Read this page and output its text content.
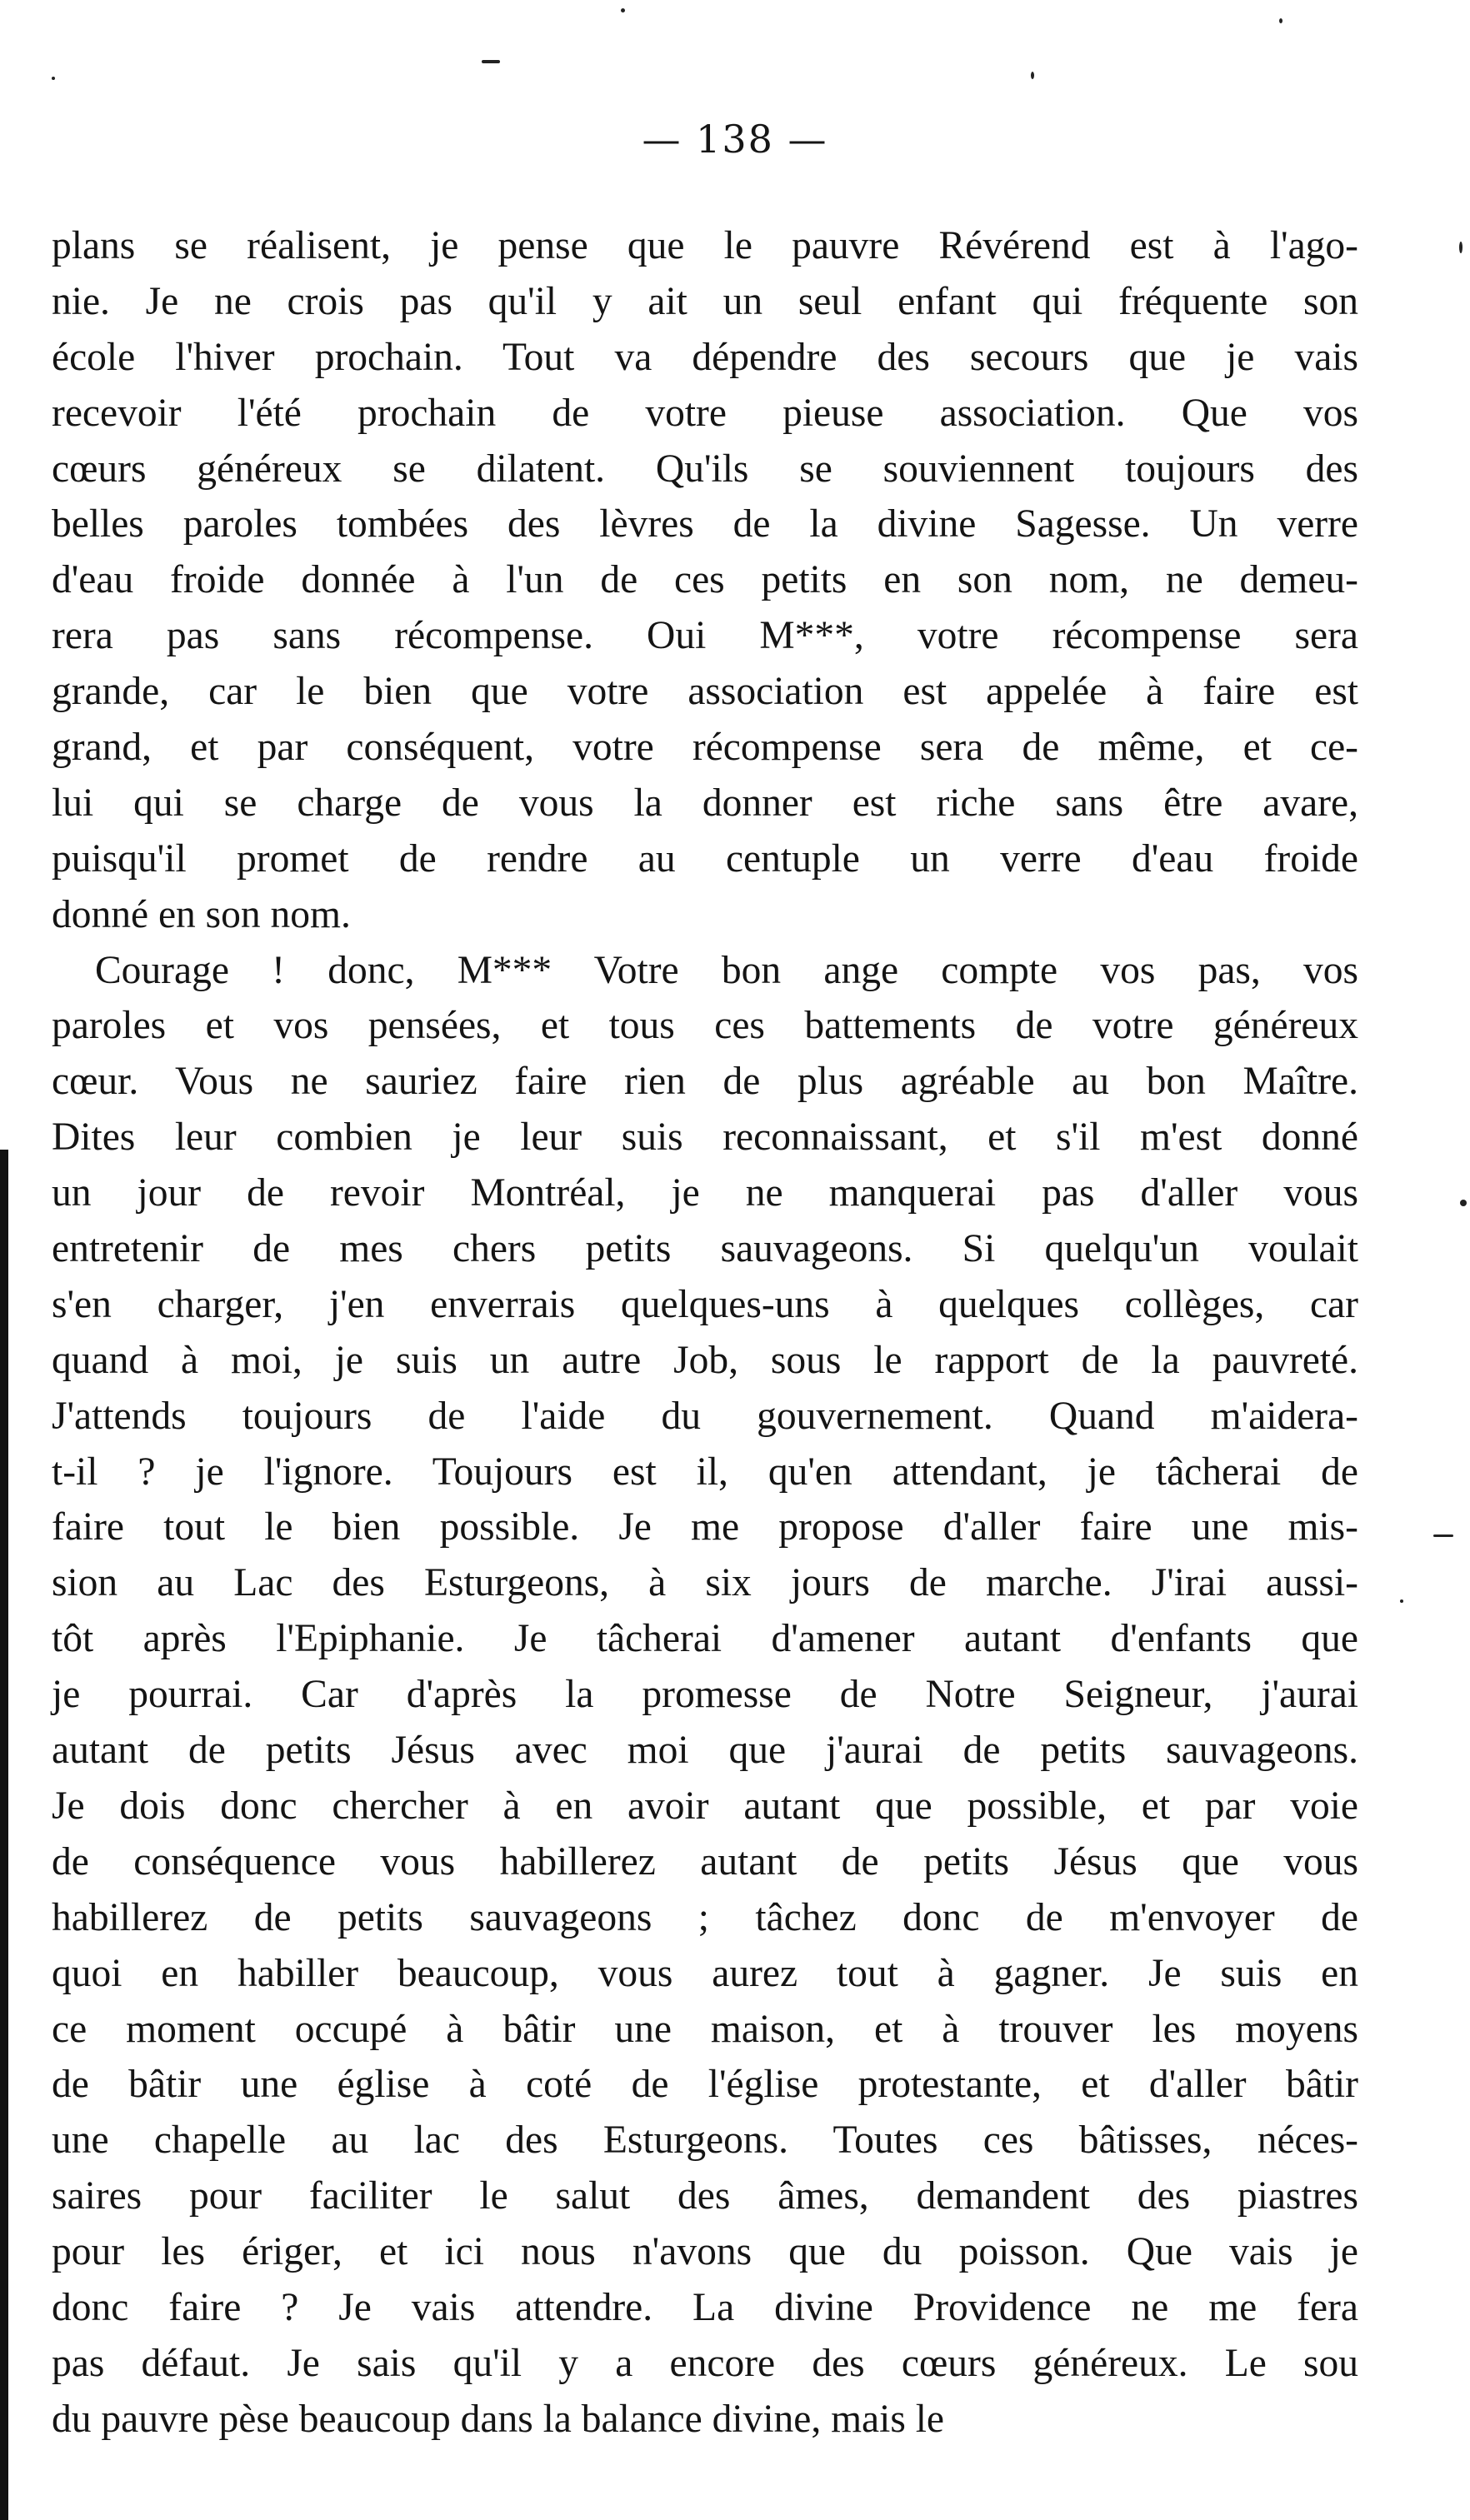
— 138 —
plans se réalisent, je pense que le pauvre Révérend est à l'ago-
nie. Je ne crois pas qu'il y ait un seul enfant qui fréquente son
école l'hiver prochain. Tout va dépendre des secours que je vais
recevoir l'été prochain de votre pieuse association. Que vos
cœurs généreux se dilatent. Qu'ils se souviennent toujours des
belles paroles tombées des lèvres de la divine Sagesse. Un verre
d'eau froide donnée à l'un de ces petits en son nom, ne demeu-
rera pas sans récompense. Oui M***, votre récompense sera
grande, car le bien que votre association est appelée à faire est
grand, et par conséquent, votre récompense sera de même, et ce-
lui qui se charge de vous la donner est riche sans être avare,
puisqu'il promet de rendre au centuple un verre d'eau froide
donné en son nom.
Courage ! donc, M*** Votre bon ange compte vos pas, vos
paroles et vos pensées, et tous ces battements de votre généreux
cœur. Vous ne sauriez faire rien de plus agréable au bon Maître.
Dites leur combien je leur suis reconnaissant, et s'il m'est donné
un jour de revoir Montréal, je ne manquerai pas d'aller vous
entretenir de mes chers petits sauvageons. Si quelqu'un voulait
s'en charger, j'en enverrais quelques-uns à quelques collèges, car
quand à moi, je suis un autre Job, sous le rapport de la pauvreté.
J'attends toujours de l'aide du gouvernement. Quand m'aidera-
t-il ? je l'ignore. Toujours est il, qu'en attendant, je tâcherai de
faire tout le bien possible. Je me propose d'aller faire une mis-
sion au Lac des Esturgeons, à six jours de marche. J'irai aussi-
tôt après l'Epiphanie. Je tâcherai d'amener autant d'enfants que
je pourrai. Car d'après la promesse de Notre Seigneur, j'aurai
autant de petits Jésus avec moi que j'aurai de petits sauvageons.
Je dois donc chercher à en avoir autant que possible, et par voie
de conséquence vous habillerez autant de petits Jésus que vous
habillerez de petits sauvageons ; tâchez donc de m'envoyer de
quoi en habiller beaucoup, vous aurez tout à gagner. Je suis en
ce moment occupé à bâtir une maison, et à trouver les moyens
de bâtir une église à coté de l'église protestante, et d'aller bâtir
une chapelle au lac des Esturgeons. Toutes ces bâtisses, néces-
saires pour faciliter le salut des âmes, demandent des piastres
pour les ériger, et ici nous n'avons que du poisson. Que vais je
donc faire ? Je vais attendre. La divine Providence ne me fera
pas défaut. Je sais qu'il y a encore des cœurs généreux. Le sou
du pauvre pèse beaucoup dans la balance divine, mais le
